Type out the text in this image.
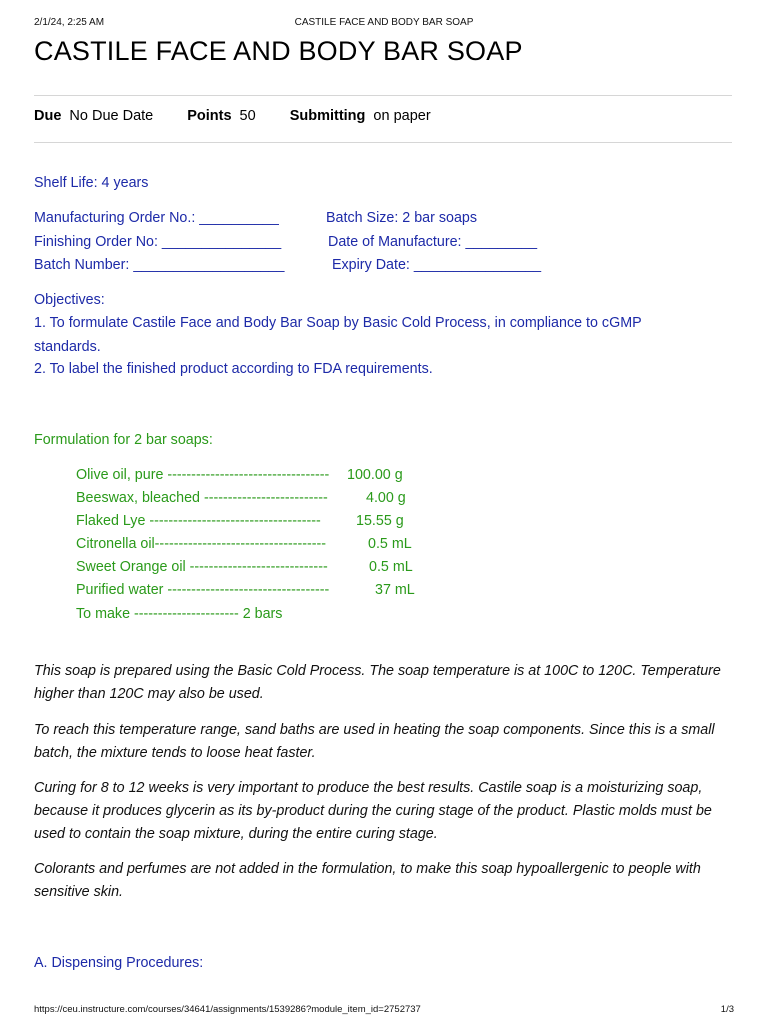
2/1/24, 2:25 AM	CASTILE FACE AND BODY BAR SOAP
CASTILE FACE AND BODY BAR SOAP
Due No Due Date Points 50 Submitting on paper
Shelf Life: 4 years
Manufacturing Order No.: __________	Batch Size: 2 bar soaps
Finishing Order No: _______________	Date of Manufacture: _________
Batch Number: ___________________	Expiry Date: ________________
Objectives:
1. To formulate Castile Face and Body Bar Soap by Basic Cold Process, in compliance to cGMP
standards.
2. To label the finished product according to FDA requirements.
Formulation for 2 bar soaps:
Olive oil, pure ---------------------------------- 100.00 g
Beeswax, bleached --------------------------	4.00 g
Flaked Lye ------------------------------------ 15.55 g
Citronella oil------------------------------------	0.5 mL
Sweet Orange oil -----------------------------	0.5 mL
Purified water ----------------------------------	37 mL
To make ---------------------- 2 bars
This soap is prepared using the Basic Cold Process. The soap temperature is at 100C to 120C. Temperature higher than 120C may also be used.
To reach this temperature range, sand baths are used in heating the soap components. Since this is a small batch, the mixture tends to loose heat faster.
Curing for 8 to 12 weeks is very important to produce the best results. Castile soap is a moisturizing soap, because it produces glycerin as its by-product during the curing stage of the product. Plastic molds must be used to contain the soap mixture, during the entire curing stage.
Colorants and perfumes are not added in the formulation, to make this soap hypoallergenic to people with sensitive skin.
A. Dispensing Procedures:
https://ceu.instructure.com/courses/34641/assignments/1539286?module_item_id=2752737	1/3
